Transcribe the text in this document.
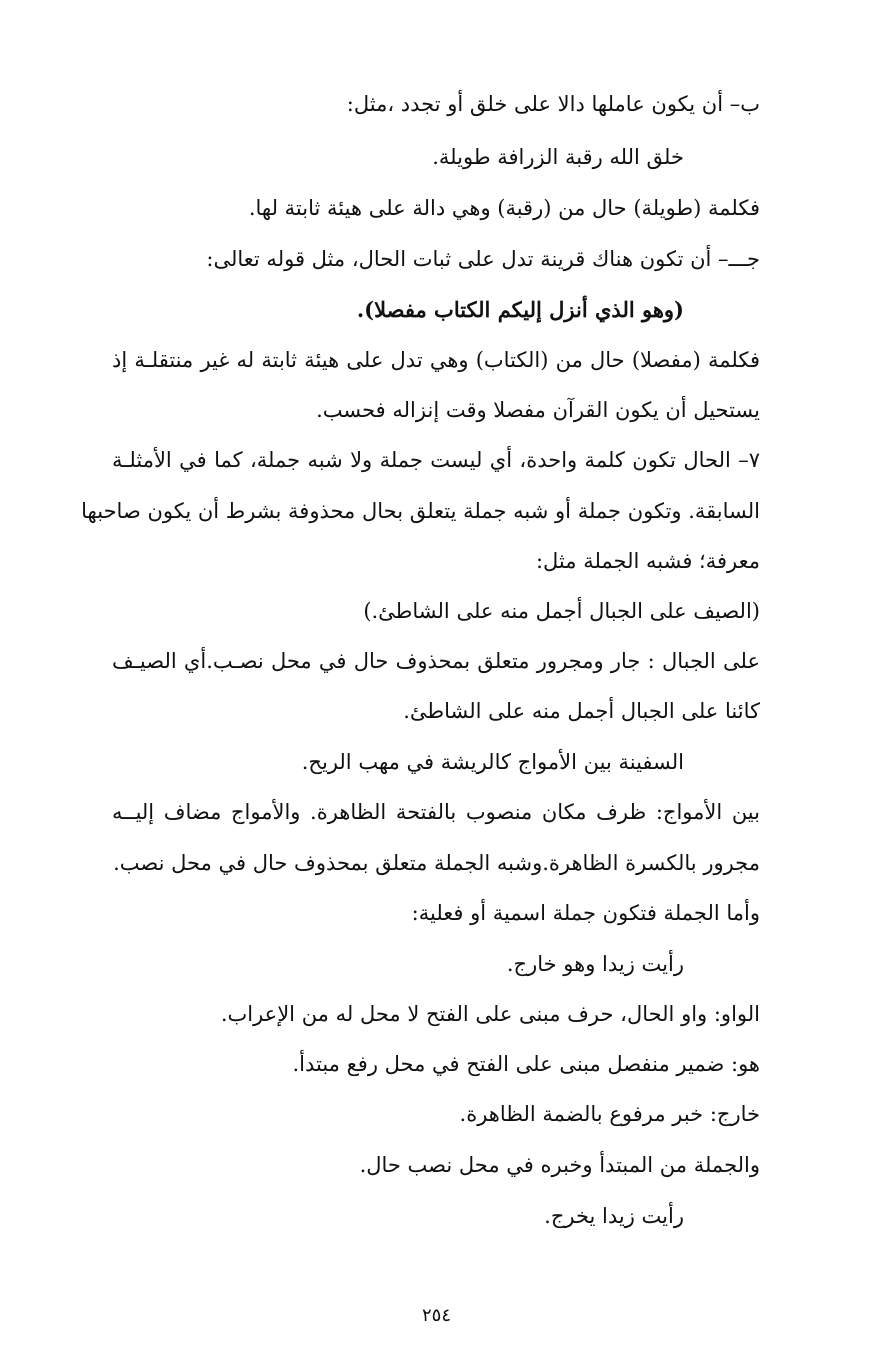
ب– أن يكون عاملها دالا على خلق أو تجدد ،مثل:
خلق الله رقبة الزرافة طويلة.
فكلمة (طويلة) حال من (رقبة) وهي دالة على هيئة ثابتة لها.
جـــ– أن تكون هناك قرينة تدل على ثبات الحال، مثل قوله تعالى:
(وهو الذي أنزل إليكم الكتاب مفصلا).
فكلمة (مفصلا) حال من (الكتاب) وهي تدل على هيئة ثابتة له غير منتقلـة إذ
يستحيل أن يكون القرآن مفصلا وقت إنزاله فحسب.
٧– الحال تكون كلمة واحدة، أي ليست جملة ولا شبه جملة، كما في الأمثلـة
السابقة. وتكون جملة أو شبه جملة يتعلق بحال محذوفة بشرط أن يكون صاحبها
معرفة؛ فشبه الجملة مثل:
(الصيف على الجبال أجمل منه على الشاطئ.)
على الجبال : جار ومجرور متعلق بمحذوف حال في محل نصـب.أي الصيـف
كائنا على الجبال أجمل منه على الشاطئ.
السفينة بين الأمواج كالريشة في مهب الريح.
بين الأمواج: ظرف مكان منصوب بالفتحة الظاهرة. والأمواج مضاف إليــه
مجرور بالكسرة الظاهرة.وشبه الجملة متعلق بمحذوف حال في محل نصب.
وأما الجملة فتكون جملة اسمية أو فعلية:
رأيت زيدا وهو خارج.
الواو: واو الحال، حرف مبنى على الفتح لا محل له من الإعراب.
هو: ضمير منفصل مبنى على الفتح في محل رفع مبتدأ.
خارج: خبر مرفوع بالضمة الظاهرة.
والجملة من المبتدأ وخبره في محل نصب حال.
رأيت زيدا يخرج.
٢٥٤
